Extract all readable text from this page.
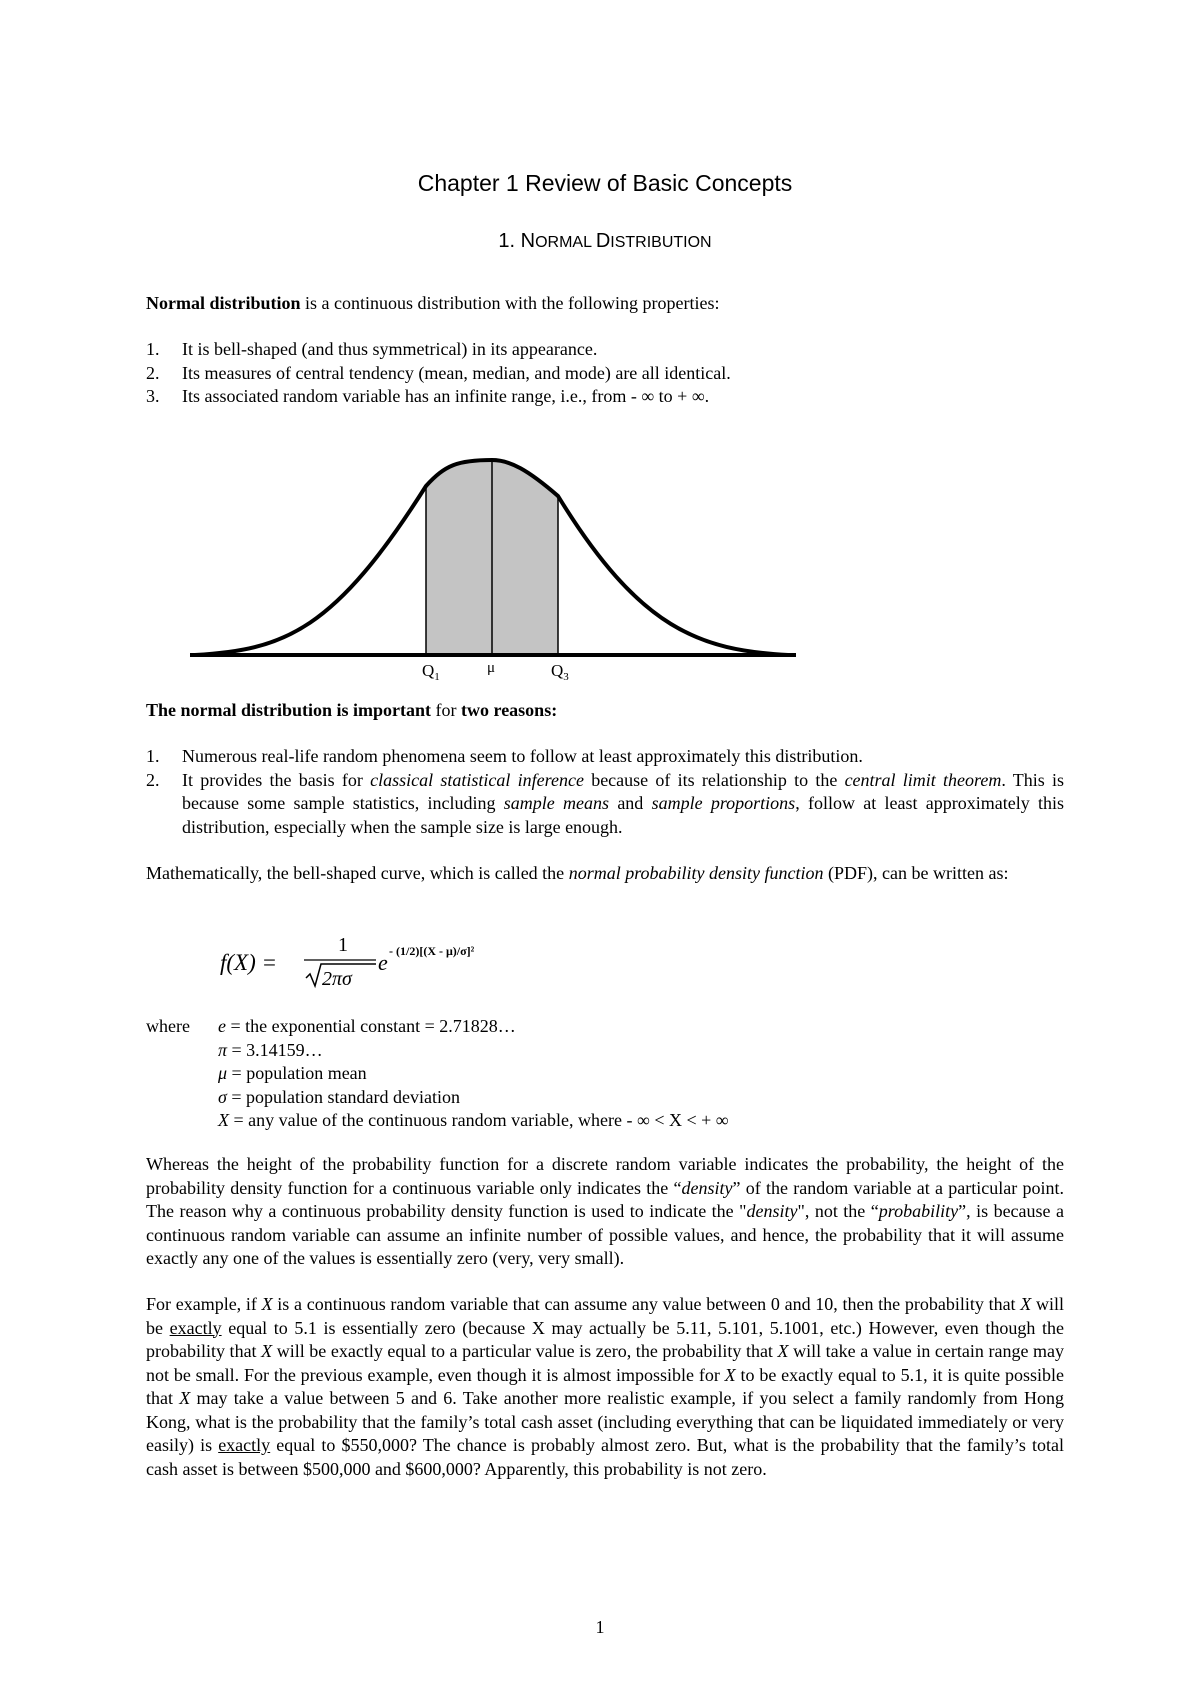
Chapter 1 Review of Basic Concepts
1. NORMAL DISTRIBUTION

Normal distribution is a continuous distribution with the following properties:

1. It is bell-shaped (and thus symmetrical) in its appearance.
2. Its measures of central tendency (mean, median, and mode) are all identical.
3. Its associated random variable has an infinite range, i.e., from - ∞ to + ∞.

The normal distribution is important for two reasons:

1. Numerous real-life random phenomena seem to follow at least approximately this distribution.
2. It provides the basis for classical statistical inference because of its relationship to the central limit theorem. This is because some sample statistics, including sample means and sample proportions, follow at least approximately this distribution, especially when the sample size is large enough.

Mathematically, the bell-shaped curve, which is called the normal probability density function (PDF), can be written as:

where e = the exponential constant = 2.71828…
π = 3.14159…
μ = population mean
σ = population standard deviation
X = any value of the continuous random variable, where - ∞ < X < + ∞

Whereas the height of the probability function for a discrete random variable indicates the probability, the height of the probability density function for a continuous variable only indicates the “density” of the random variable at a particular point. The reason why a continuous probability density function is used to indicate the "density", not the “probability”, is because a continuous random variable can assume an infinite number of possible values, and hence, the probability that it will assume exactly any one of the values is essentially zero (very, very small).

For example, if X is a continuous random variable that can assume any value between 0 and 10, then the probability that X will be exactly equal to 5.1 is essentially zero (because X may actually be 5.11, 5.101, 5.1001, etc.) However, even though the probability that X will be exactly equal to a particular value is zero, the probability that X will take a value in certain range may not be small. For the previous example, even though it is almost impossible for X to be exactly equal to 5.1, it is quite possible that X may take a value between 5 and 6. Take another more realistic example, if you select a family randomly from Hong Kong, what is the probability that the family’s total cash asset (including everything that can be liquidated immediately or very easily) is exactly equal to $550,000? The chance is probably almost zero. But, what is the probability that the family’s total cash asset is between $500,000 and $600,000? Apparently, this probability is not zero.

$Q_1$
μ	$Q_3$
f(X) =
1
2πσ
e - (1/2)[(X - μ)/σ]²
1
